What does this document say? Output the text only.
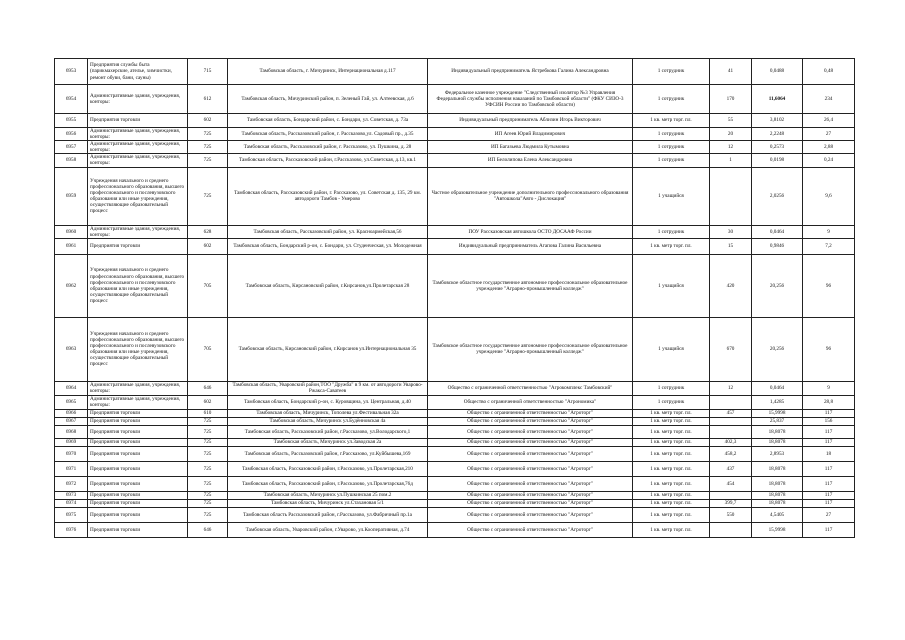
6953	Предприятия службы быта (парикмахерские, ателье, химчистки, ремонт обуви, бани, сауны)	715	Тамбовская область, г. Мичуринск, Интернациональная д.117	Индивидуальный предприниматель Ястребкова Галина Александровна	1 сотрудник	41	0,0488	0,48
6954	Административные здания, учреждения, конторы:	612	Тамбовская область, Мичуринский район, п. Зеленый Гай, ул. Алтеевская, д.6	Федеральное казенное учреждение "Следственный изолятор №3 Управления Федеральной службы исполнения наказаний по Тамбовской области" (ФКУ СИЗО-3 УФСИН России по Тамбовской области)	1 сотрудник	170	11,6064	234
6955	Предприятия торговли	602	Тамбовская область, Бондарский район, с. Бондари, ул. Советская, д. 73а	Индивидуальный предприниматель Аблизин Игорь Викторович	1 кв. метр торг. пл.	55	3,8102	26,4
6956	Административные здания, учреждения, конторы:	725	Тамбовская область, Рассказовский район, г. Рассказово,ул. Садовый пр., д.35	ИП Агеев Юрий Владимирович	1 сотрудник	20	2,2248	27
6957	Административные здания, учреждения, конторы:	725	Тамбовская область, Рассказовский район, г. Рассказово, ул. Пушкина, д. 28	ИП Багазьева Людмила Кутымовна	1 сотрудник	12	0,2573	2,88
6958	Административные здания, учреждения, конторы:	725	Тамбовская область, Рассказовский район, г.Рассказово, ул.Советская, д.13, кв.1	ИП Белолипова Елена Александровна	1 сотрудник	1	0,0198	0,24
6959	Учреждения начального и среднего профессионального образования, высшего профессионального и послевузовского образования или иные учреждения, осуществляющие образовательный процесс	725	Тамбовская область, Рассказовский район, г. Рассказово, ул. Советская д. 135, 29 км. автодороги Тамбов - Умерово	Частное образовательное учреждение дополнительного профессионального образования "Автошкола"Авто - Дислокация"	1 учащийся		2,0256	9,6
6960	Административные здания, учреждения, конторы:	628	Тамбовская область, Рассказовский район, ул. Красноармейская,56	ПОУ Рассказовская автошкола ОСТО ДОСААФ России	1 сотрудник	30	0,0464	9
6961	Предприятия торговли	602	Тамбовская область, Бондарский р-он, с. Бондари, ул. Студенческая, ул. Молодежная	Индивидуальный предприниматель Агапова Галина Васильевна	1 кв. метр торг. пл.	15	0,9846	7,2
6962	Учреждения начального и среднего профессионального образования, высшего профессионального и послевузовского образования или иные учреждения, осуществляющие образовательный процесс	705	Тамбовская область, Кирсановский район, г.Кирсанов,ул.Пролетарская 28	Тамбовское областное государственное автономное профессиональное образовательное учреждение "Аграрно-промышленный колледж"	1 учащийся	420	20,256	96
6963	Учреждения начального и среднего профессионального образования, высшего профессионального и послевузовского образования или иные учреждения, осуществляющие образовательный процесс	705	Тамбовская область, Кирсановский район, г.Кирсанов ул.Интернациональная 35	Тамбовское областное государственное автономное профессиональное образовательное учреждение "Аграрно-промышленный колледж"	1 учащийся	670	20,256	96
6964	Административные здания, учреждения, конторы:	646	Тамбовская область, Уваровский район,ТОО "Дружба" в 9 км. от автодороги Уварово-Ржакса-Саватеев	Общество с ограниченной ответственностью "Агрокомплекс Тамбовский"	1 сотрудник	12	0,0464	9
6965	Административные здания, учреждения, конторы:	602	Тамбовская область, Бондарский р-он, с. Куровщина, ул. Центральная, д.40	Общество с ограниченной ответственностью "Агрономика"	1 сотрудник		1,4285	28,8
6966	Предприятия торговли	610	Тамбовская область, Мичуринск, Тополева ул.Фестивальная 32а	Общество с ограниченной ответственностью "Агроторг"	1 кв. метр торг. пл.	457	15,9998	117
6967	Предприятия торговли	725	Тамбовская область, Мичуринск ул.Будённовская 4а	Общество с ограниченной ответственностью "Агроторг"	1 кв. метр торг. пл.		25,837	156
6968	Предприятия торговли	725	Тамбовская область, Рассказовский район, г.Рассказово, ул.Володарского,1	Общество с ограниченной ответственностью "Агроторг"	1 кв. метр торг. пл.		18,8078	117
6969	Предприятия торговли	725	Тамбовская область, Мичуринск ул.Заводская 2а	Общество с ограниченной ответственностью "Агроторг"	1 кв. метр торг. пл.	402,3	18,8078	117
6970	Предприятия торговли	725	Тамбовская область, Рассказовский район, г.Рассказово, ул.Куйбышева,169	Общество с ограниченной ответственностью "Агроторг"	1 кв. метр торг. пл.	458,2	2,8953	18
6971	Предприятия торговли	725	Тамбовская область, Рассказовский район, г.Рассказово, ул.Пролетарская,210	Общество с ограниченной ответственностью "Агроторг"	1 кв. метр торг. пл.	437	18,8078	117
6972	Предприятия торговли	725	Тамбовская область, Рассказовский район, г.Рассказово, ул.Пролетарская,76д	Общество с ограниченной ответственностью "Агроторг"	1 кв. метр торг. пл.	454	18,8078	117
6973	Предприятия торговли	725	Тамбовская область, Мичуринск ул.Пушкинская 25 пом.2	Общество с ограниченной ответственностью "Агроторг"	1 кв. метр торг. пл.		18,8078	117
6974	Предприятия торговли	725	Тамбовская область, Мичуринск ул.Стахановая 5/1	Общество с ограниченной ответственностью "Агроторг"	1 кв. метр торг. пл.	399,7	18,8078	117
6975	Предприятия торговли	725	Тамбовская область Рассказовский район, г.Рассказово, ул.Фабричный пр.1а	Общество с ограниченной ответственностью "Агроторг"	1 кв. метр торг. пл.	550	4,5405	27
6976	Предприятия торговли	646	Тамбовская область, Уваровский район, г.Уварово, ул.Кооперативная, д.74	Общество с ограниченной ответственностью "Агроторг"	1 кв. метр торг. пл.		15,9998	117
